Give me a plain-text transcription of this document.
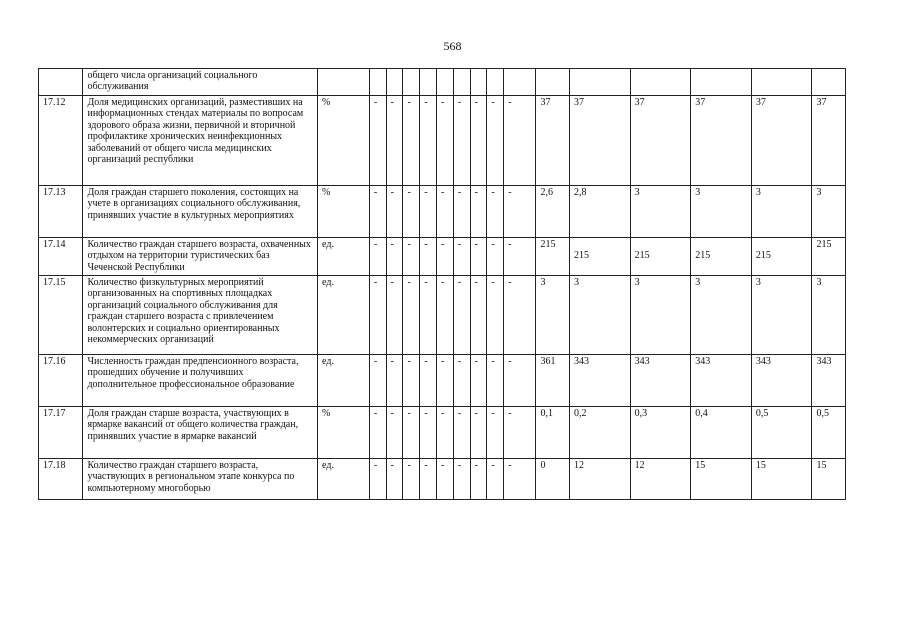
568
	общего числа организаций социального обслуживания																
17.12	Доля медицинских организаций, разместивших на информационных стендах материалы по вопросам здорового образа жизни, первичной и вторичной профилактике хронических неинфекционных заболеваний от общего числа медицинских организаций республики	%	-	-	-	-	-	-	-	-	-	37	37	37	37	37	37
17.13	Доля граждан старшего поколения, состоящих на учете в организациях социального обслуживания, принявших участие в культурных мероприятиях	%	-	-	-	-	-	-	-	-	-	2,6	2,8	3	3	3	3
17.14	Количество граждан старшего возраста, охваченных отдыхом на территории туристических баз Чеченской Республики	ед.	-	-	-	-	-	-	-	-	-	215	215	215	215	215	215
17.15	Количество физкультурных мероприятий организованных на спортивных площадках организаций социального обслуживания для граждан старшего возраста с привлечением волонтерских и социально ориентированных некоммерческих организаций	ед.	-	-	-	-	-	-	-	-	-	3	3	3	3	3	3
17.16	Численность граждан предпенсионного возраста, прошедших обучение и получивших дополнительное профессиональное образование	ед.	-	-	-	-	-	-	-	-	-	361	343	343	343	343	343
17.17	Доля граждан старше возраста, участвующих в ярмарке вакансий от общего количества граждан, принявших участие в ярмарке вакансий	%	-	-	-	-	-	-	-	-	-	0,1	0,2	0,3	0,4	0,5	0,5
17.18	Количество граждан старшего возраста, участвующих в региональном этапе конкурса по компьютерному многоборью	ед.	-	-	-	-	-	-	-	-	-	0	12	12	15	15	15
